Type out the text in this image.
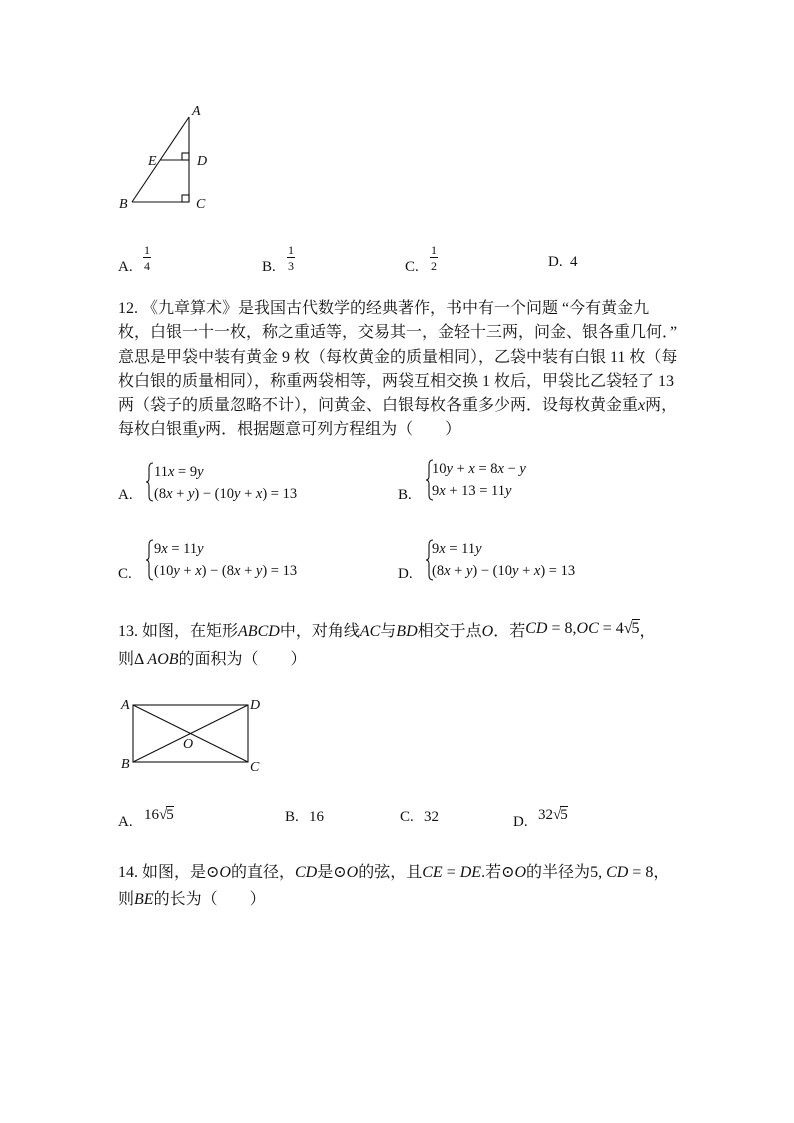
A
E	D
B	C
A. $\frac{1}{4}$	B. $\frac{1}{3}$	C. $\frac{1}{2}$	D. 4
12. 《九章算术》是我国古代数学的经典著作，书中有一个问题 “今有黄金九
枚，白银一十一枚，称之重适等，交易其一，金轻十三两，问金、银各重几何．”
意思是甲袋中装有黄金 9 枚（每枚黄金的质量相同），乙袋中装有白银 11 枚（每
枚白银的质量相同），称重两袋相等，两袋互相交换 1 枚后，甲袋比乙袋轻了 13
两（袋子的质量忽略不计），问黄金、白银每枚各重多少两．设每枚黄金重x两，
每枚白银重y两．根据题意可列方程组为（　　）
A.
11x = 9y
(8x + y) − (10y + x) = 13	B.
10y + x = 8x − y
9x + 13 = 11y
C.
9x = 11y
(10y + x) − (8x + y) = 13	D.
9x = 11y
(8x + y) − (10y + x) = 13
13. 如图，在矩形ABCD中，对角线AC与BD相交于点O．若CD = 8,OC = 4√5，
则Δ AOB的面积为（　　）
A	D
B	C
O
A. 16√5	B. 16	C. 32	D. 32√5
14. 如图，是⊙O的直径，CD是⊙O的弦，且CE = DE.若⊙O的半径为5, CD = 8，
则BE的长为（　　）
